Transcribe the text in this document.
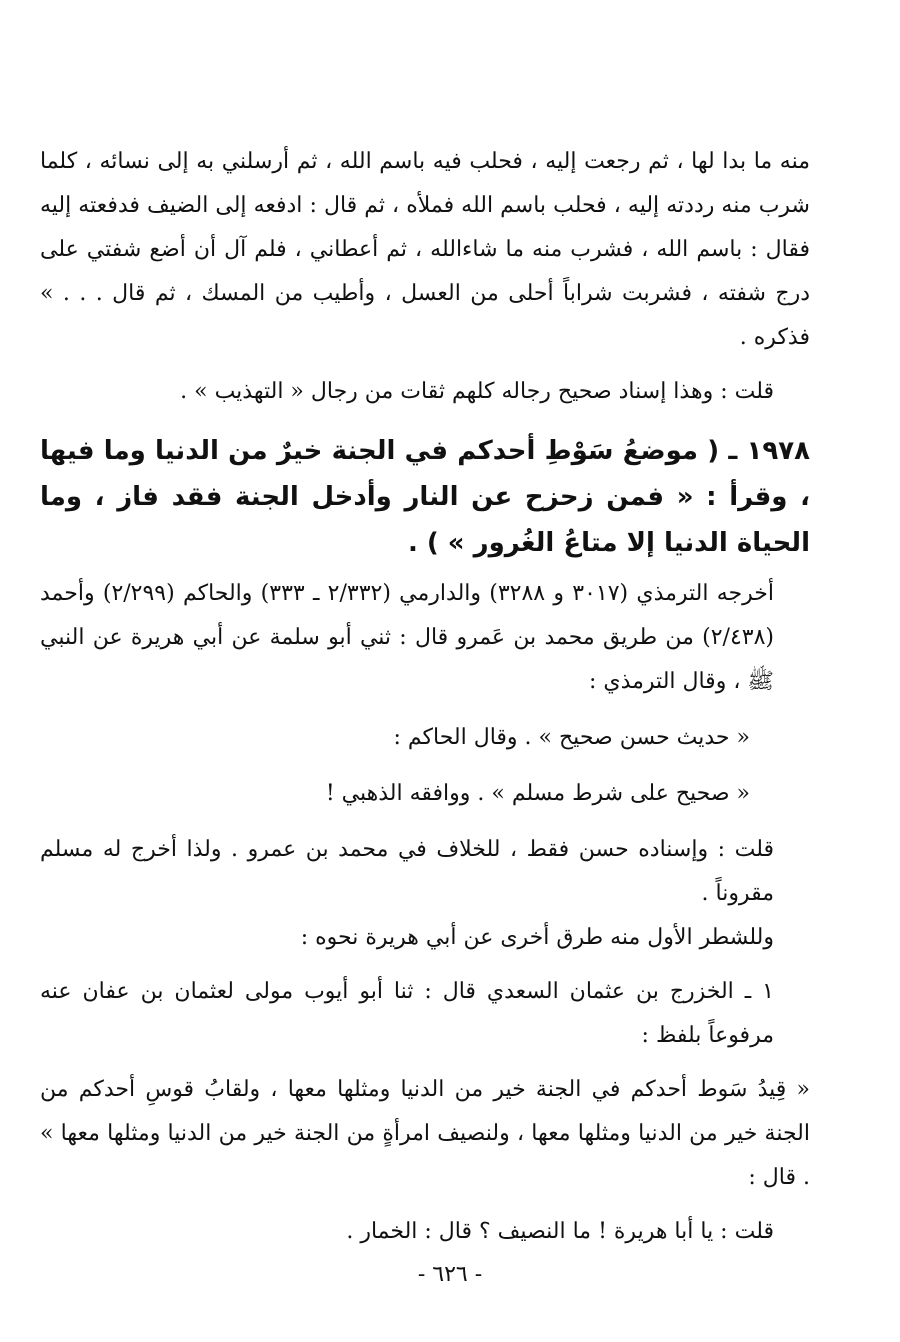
منه ما بدا لها ، ثم رجعت إليه ، فحلب فيه باسم الله ، ثم أرسلني به إلى نسائه ، كلما شرب منه رددته إليه ، فحلب باسم الله فملأه ، ثم قال : ادفعه إلى الضيف فدفعته إليه فقال : باسم الله ، فشرب منه ما شاءالله ، ثم أعطاني ، فلم آل أن أضع شفتي على درج شفته ، فشربت شراباً أحلى من العسل ، وأطيب من المسك ، ثم قال . . . » فذكره .

قلت : وهذا إسناد صحيح رجاله كلهم ثقات من رجال « التهذيب » .

١٩٧٨ ـ ( موضعُ سَوْطِ أحدكم في الجنة خيرٌ من الدنيا وما فيها ، وقرأ : « فمن زحزح عن النار وأدخل الجنة فقد فاز ، وما الحياة الدنيا إلا متاعُ الغُرور » ) .

أخرجه الترمذي (٣٠١٧ و ٣٢٨٨) والدارمي (٢/٣٣٢ ـ ٣٣٣) والحاكم (٢/٢٩٩) وأحمد (٢/٤٣٨) من طريق محمد بن عَمرو قال : ثني أبو سلمة عن أبي هريرة عن النبي ﷺ ، وقال الترمذي :

« حديث حسن صحيح » . وقال الحاكم :

« صحيح على شرط مسلم » . ووافقه الذهبي !

قلت : وإسناده حسن فقط ، للخلاف في محمد بن عمرو . ولذا أخرج له مسلم مقروناً .

وللشطر الأول منه طرق أخرى عن أبي هريرة نحوه :

١ ـ الخزرج بن عثمان السعدي قال : ثنا أبو أيوب مولى لعثمان بن عفان عنه مرفوعاً بلفظ :

« قِيدُ سَوط أحدكم في الجنة خير من الدنيا ومثلها معها ، ولقابُ قوسِ أحدكم من الجنة خير من الدنيا ومثلها معها ، ولنصيف امرأةٍ من الجنة خير من الدنيا ومثلها معها » . قال :

قلت : يا أبا هريرة ! ما النصيف ؟ قال : الخمار .

- ٦٢٦ -
